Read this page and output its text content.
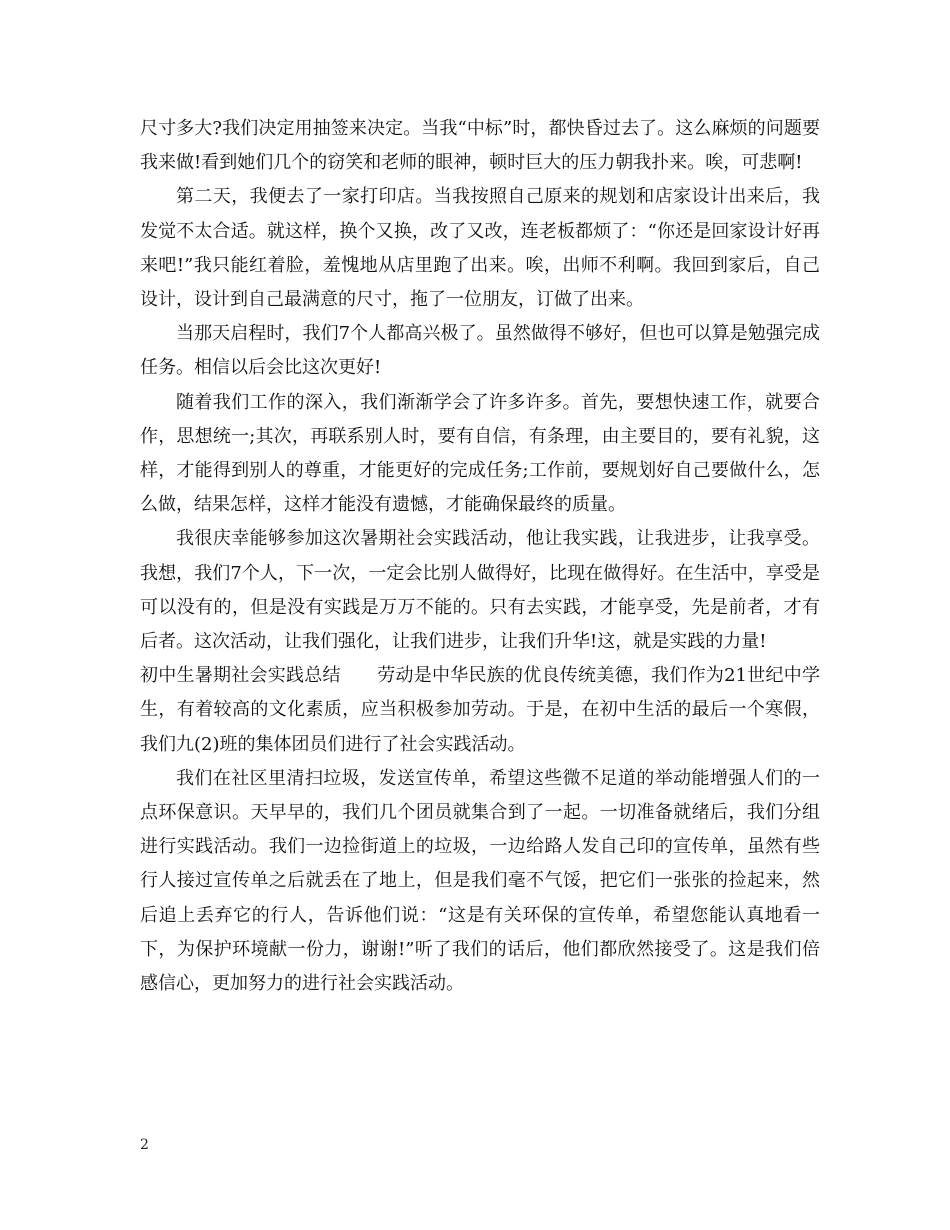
尺寸多大?我们决定用抽签来决定。当我“中标”时，都快昏过去了。这么麻烦的问题要我来做!看到她们几个的窃笑和老师的眼神，顿时巨大的压力朝我扑来。唉，可悲啊!

第二天，我便去了一家打印店。当我按照自己原来的规划和店家设计出来后，我发觉不太合适。就这样，换个又换，改了又改，连老板都烦了：“你还是回家设计好再来吧!”我只能红着脸，羞愧地从店里跑了出来。唉，出师不利啊。我回到家后，自己设计，设计到自己最满意的尺寸，拖了一位朋友，订做了出来。

当那天启程时，我们7个人都高兴极了。虽然做得不够好，但也可以算是勉强完成任务。相信以后会比这次更好!

随着我们工作的深入，我们渐渐学会了许多许多。首先，要想快速工作，就要合作，思想统一;其次，再联系别人时，要有自信，有条理，由主要目的，要有礼貌，这样，才能得到别人的尊重，才能更好的完成任务;工作前，要规划好自己要做什么，怎么做，结果怎样，这样才能没有遗憾，才能确保最终的质量。

我很庆幸能够参加这次暑期社会实践活动，他让我实践，让我进步，让我享受。我想，我们7个人，下一次，一定会比别人做得好，比现在做得好。在生活中，享受是可以没有的，但是没有实践是万万不能的。只有去实践，才能享受，先是前者，才有后者。这次活动，让我们强化，让我们进步，让我们升华!这，就是实践的力量!

初中生暑期社会实践总结　　劳动是中华民族的优良传统美德，我们作为21世纪中学生，有着较高的文化素质，应当积极参加劳动。于是，在初中生活的最后一个寒假，我们九(2)班的集体团员们进行了社会实践活动。

我们在社区里清扫垃圾，发送宣传单，希望这些微不足道的举动能增强人们的一点环保意识。天早早的，我们几个团员就集合到了一起。一切准备就绪后，我们分组进行实践活动。我们一边捡街道上的垃圾，一边给路人发自己印的宣传单，虽然有些行人接过宣传单之后就丢在了地上，但是我们毫不气馁，把它们一张张的捡起来，然后追上丢弃它的行人，告诉他们说：“这是有关环保的宣传单，希望您能认真地看一下，为保护环境献一份力，谢谢!”听了我们的话后，他们都欣然接受了。这是我们倍感信心，更加努力的进行社会实践活动。

2
